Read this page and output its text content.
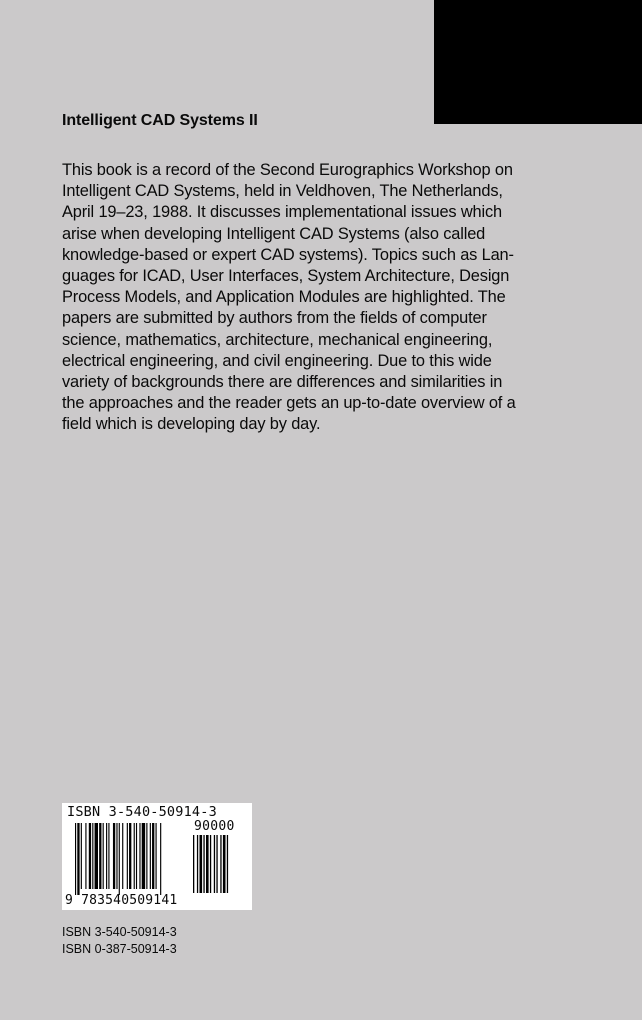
Intelligent CAD Systems II
This book is a record of the Second Eurographics Workshop on
Intelligent CAD Systems, held in Veldhoven, The Netherlands,
April 19–23, 1988. It discusses implementational issues which
arise when developing Intelligent CAD Systems (also called
knowledge-based or expert CAD systems). Topics such as Lan-
guages for ICAD, User Interfaces, System Architecture, Design
Process Models, and Application Modules are highlighted. The
papers are submitted by authors from the fields of computer
science, mathematics, architecture, mechanical engineering,
electrical engineering, and civil engineering. Due to this wide
variety of backgrounds there are differences and similarities in
the approaches and the reader gets an up-to-date overview of a
field which is developing day by day.
ISBN 3-540-50914-3
90000
9 783540509141
ISBN 3-540-50914-3
ISBN 0-387-50914-3
